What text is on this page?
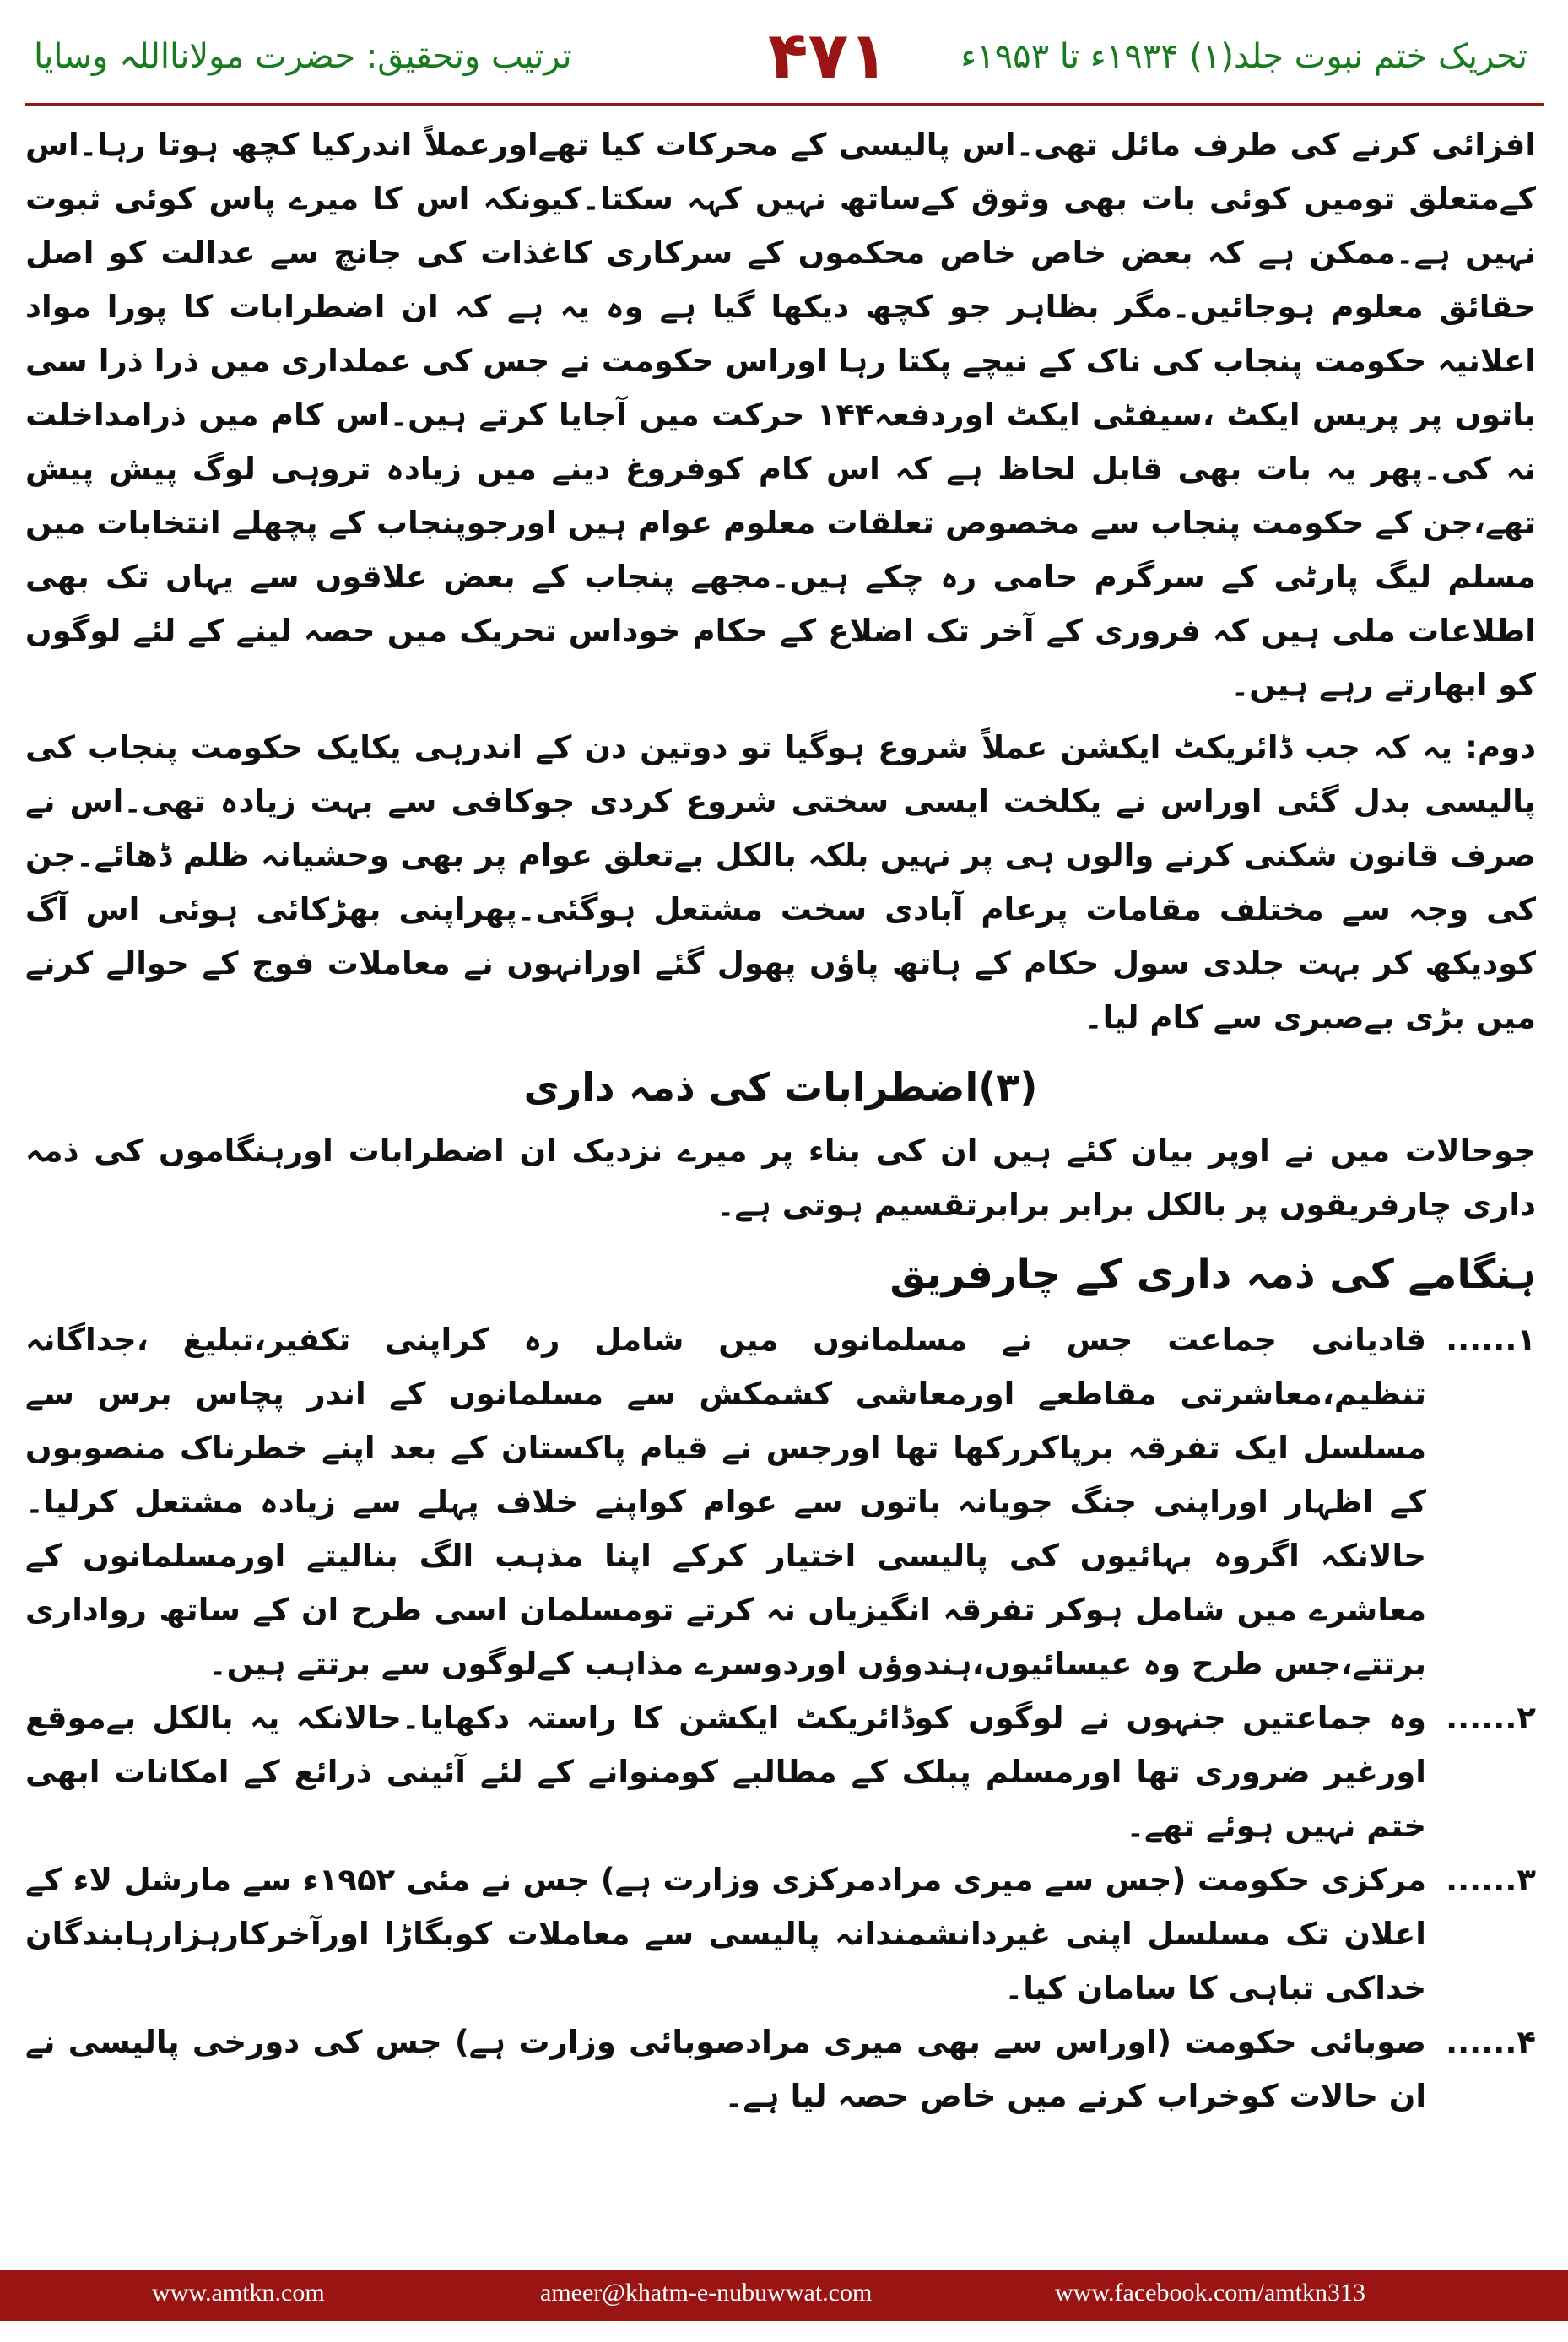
تحریک ختم نبوت جلد(۱) ۱۹۳۴ء تا ۱۹۵۳ء
۴۷۱
ترتیب وتحقیق: حضرت مولانااللہ وسایا

افزائی کرنے کی طرف مائل تھی۔اس پالیسی کے محرکات کیا تھےاورعملاً اندرکیا کچھ ہوتا رہا۔اس کےمتعلق تومیں کوئی بات بھی وثوق کےساتھ نہیں کہہ سکتا۔کیونکہ اس کا میرے پاس کوئی ثبوت نہیں ہے۔ممکن ہے کہ بعض خاص خاص محکموں کے سرکاری کاغذات کی جانچ سے عدالت کو اصل حقائق معلوم ہوجائیں۔مگر بظاہر جو کچھ دیکھا گیا ہے وہ یہ ہے کہ ان اضطرابات کا پورا مواد اعلانیہ حکومت پنجاب کی ناک کے نیچے پکتا رہا اوراس حکومت نے جس کی عملداری میں ذرا ذرا سی باتوں پر پریس ایکٹ ،سیفٹی ایکٹ اوردفعہ۱۴۴ حرکت میں آجایا کرتے ہیں۔اس کام میں ذرامداخلت نہ کی۔پھر یہ بات بھی قابل لحاظ ہے کہ اس کام کوفروغ دینے میں زیادہ تروہی لوگ پیش پیش تھے،جن کے حکومت پنجاب سے مخصوص تعلقات معلوم عوام ہیں اورجوپنجاب کے پچھلے انتخابات میں مسلم لیگ پارٹی کے سرگرم حامی رہ چکے ہیں۔مجھے پنجاب کے بعض علاقوں سے یہاں تک بھی اطلاعات ملی ہیں کہ فروری کے آخر تک اضلاع کے حکام خوداس تحریک میں حصہ لینے کے لئے لوگوں کو ابھارتے رہے ہیں۔

دوم: یہ کہ جب ڈائریکٹ ایکشن عملاً شروع ہوگیا تو دوتین دن کے اندرہی یکایک حکومت پنجاب کی پالیسی بدل گئی اوراس نے یکلخت ایسی سختی شروع کردی جوکافی سے بہت زیادہ تھی۔اس نے صرف قانون شکنی کرنے والوں ہی پر نہیں بلکہ بالکل بےتعلق عوام پر بھی وحشیانہ ظلم ڈھائے۔جن کی وجہ سے مختلف مقامات پرعام آبادی سخت مشتعل ہوگئی۔پھراپنی بھڑکائی ہوئی اس آگ کودیکھ کر بہت جلدی سول حکام کے ہاتھ پاؤں پھول گئے اورانہوں نے معاملات فوج کے حوالے کرنے میں بڑی بےصبری سے کام لیا۔

(۳)اضطرابات کی ذمہ داری

جوحالات میں نے اوپر بیان کئے ہیں ان کی بناء پر میرے نزدیک ان اضطرابات اورہنگاموں کی ذمہ داری چارفریقوں پر بالکل برابر برابرتقسیم ہوتی ہے۔

ہنگامے کی ذمہ داری کے چارفریق
۱......
قادیانی جماعت جس نے مسلمانوں میں شامل رہ کراپنی تکفیر،تبلیغ ،جداگانہ تنظیم،معاشرتی مقاطعے اورمعاشی کشمکش سے مسلمانوں کے اندر پچاس برس سے مسلسل ایک تفرقہ برپاکررکھا تھا اورجس نے قیام پاکستان کے بعد اپنے خطرناک منصوبوں کے اظہار اوراپنی جنگ جویانہ باتوں سے عوام کواپنے خلاف پہلے سے زیادہ مشتعل کرلیا۔حالانکہ اگروہ بہائیوں کی پالیسی اختیار کرکے اپنا مذہب الگ بنالیتے اورمسلمانوں کے معاشرے میں شامل ہوکر تفرقہ انگیزیاں نہ کرتے تومسلمان اسی طرح ان کے ساتھ رواداری برتتے،جس طرح وہ عیسائیوں،ہندوؤں اوردوسرے مذاہب کےلوگوں سے برتتے ہیں۔
۲......
وہ جماعتیں جنہوں نے لوگوں کوڈائریکٹ ایکشن کا راستہ دکھایا۔حالانکہ یہ بالکل بےموقع اورغیر ضروری تھا اورمسلم پبلک کے مطالبے کومنوانے کے لئے آئینی ذرائع کے امکانات ابھی ختم نہیں ہوئے تھے۔
۳......
مرکزی حکومت (جس سے میری مرادمرکزی وزارت ہے) جس نے مئی ۱۹۵۲ء سے مارشل لاء کے اعلان تک مسلسل اپنی غیردانشمندانہ پالیسی سے معاملات کوبگاڑا اورآخرکارہزارہابندگان خداکی تباہی کا سامان کیا۔
۴......
صوبائی حکومت (اوراس سے بھی میری مرادصوبائی وزارت ہے) جس کی دورخی پالیسی نے ان حالات کوخراب کرنے میں خاص حصہ لیا ہے۔
www.amtkn.com	ameer@khatm-e-nubuwwat.com	www.facebook.com/amtkn313
